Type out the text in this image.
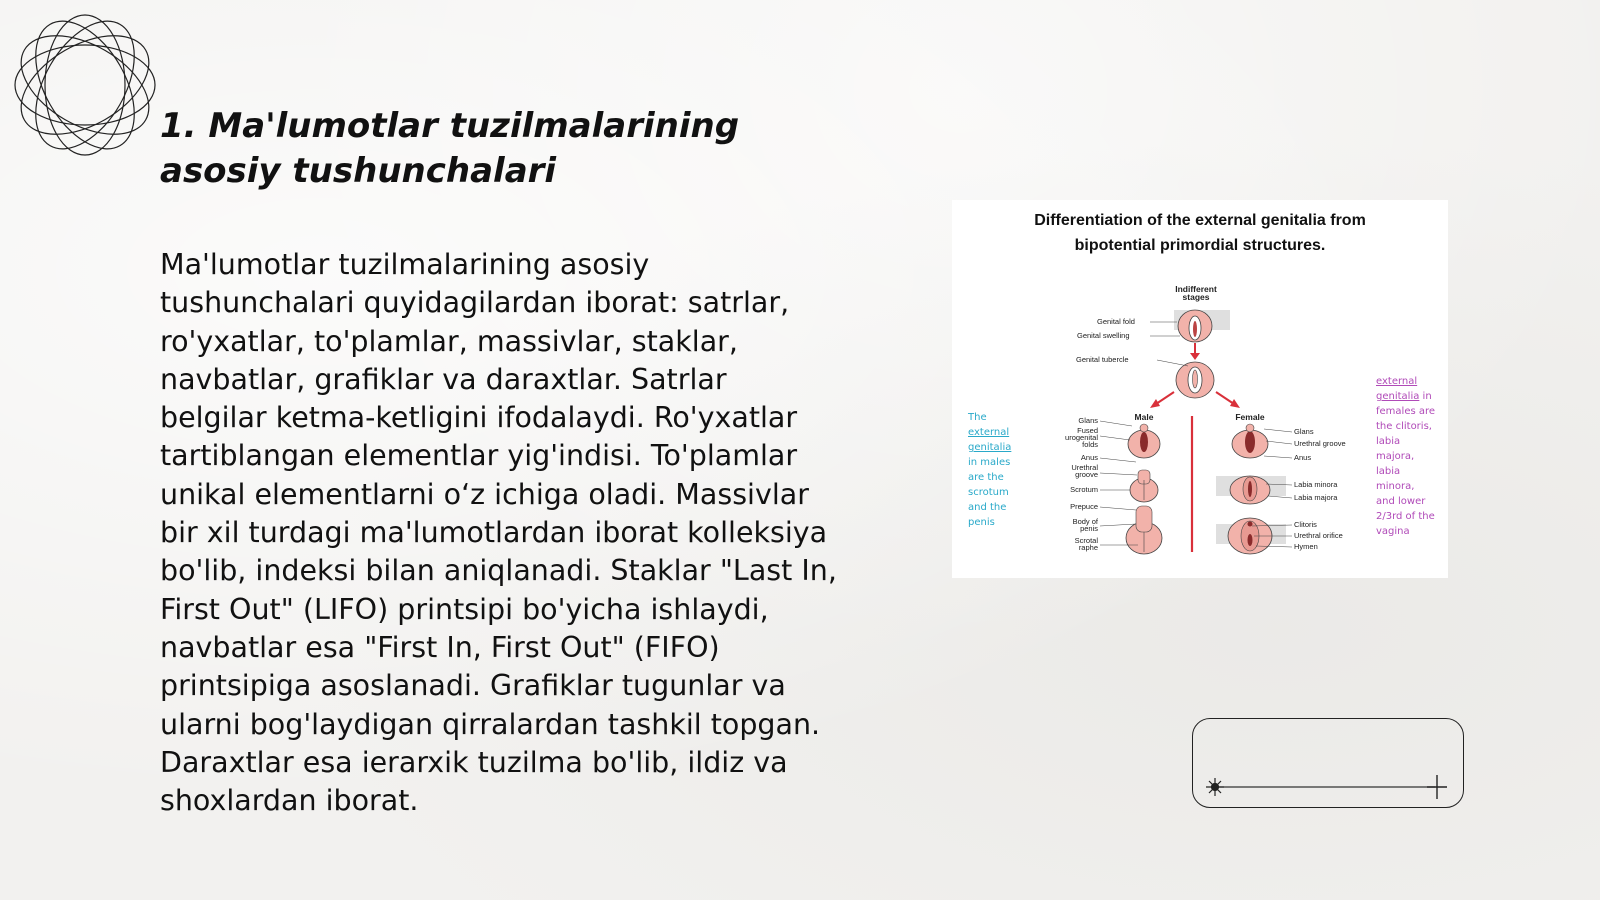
1. Ma'lumotlar tuzilmalarining asosiy tushunchalari

Ma'lumotlar tuzilmalarining asosiy tushunchalari quyidagilardan iborat: satrlar, ro'yxatlar, to'plamlar, massivlar, staklar, navbatlar, grafiklar va daraxtlar. Satrlar belgilar ketma-ketligini ifodalaydi. Ro'yxatlar tartiblangan elementlar yig'indisi. To'plamlar unikal elementlarni o‘z ichiga oladi. Massivlar bir xil turdagi ma'lumotlardan iborat kolleksiya bo'lib, indeksi bilan aniqlanadi. Staklar "Last In, First Out" (LIFO) printsipi bo'yicha ishlaydi, navbatlar esa "First In, First Out" (FIFO) printsipiga asoslanadi. Grafiklar tugunlar va ularni bog'laydigan qirralardan tashkil topgan. Daraxtlar esa ierarxik tuzilma bo'lib, ildiz va shoxlardan iborat.

Differentiation of the external genitalia from
bipotential primordial structures.
Indifferent
stages
Genital fold
Genital swelling
Genital tubercle
Male	Female
Glans
Fused
urogenital
folds
Anus
Urethral
groove
Scrotum
Prepuce
Body of
penis
Scrotal
raphe
Glans
Urethral groove
Anus
Labia minora
Labia majora
Clitoris
Urethral orifice
Hymen
The external genitalia in males are the scrotum and the penis
external genitalia in females are the clitoris, labia majora, labia minora, and lower 2/3rd of the vagina
